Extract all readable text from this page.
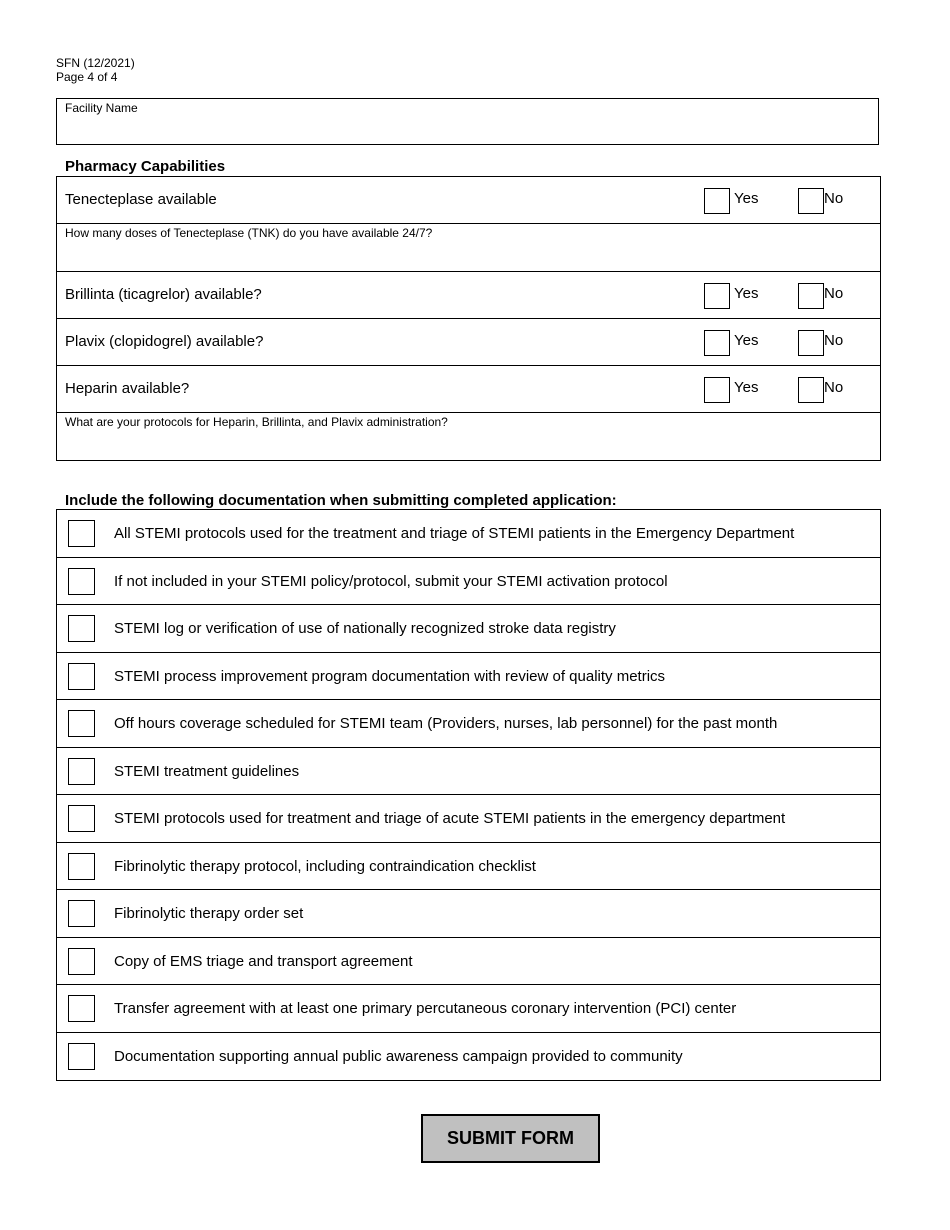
SFN (12/2021)
Page 4 of 4
Facility Name
Pharmacy Capabilities
Tenecteplase available	Yes	No
How many doses of Tenecteplase (TNK) do you have available 24/7?
Brillinta (ticagrelor) available?	Yes	No
Plavix (clopidogrel) available?	Yes	No
Heparin available?	Yes	No
What are your protocols for Heparin, Brillinta, and Plavix administration?
Include the following documentation when submitting completed application:
All STEMI protocols used for the treatment and triage of STEMI patients in the Emergency Department
If not included in your STEMI policy/protocol, submit your STEMI activation protocol
STEMI log or verification of use of nationally recognized stroke data registry
STEMI process improvement program documentation with review of quality metrics
Off hours coverage scheduled for STEMI team (Providers, nurses, lab personnel) for the past month
STEMI treatment guidelines
STEMI protocols used for treatment and triage of acute STEMI patients in the emergency department
Fibrinolytic therapy protocol, including contraindication checklist
Fibrinolytic therapy order set
Copy of EMS triage and transport agreement
Transfer agreement with at least one primary percutaneous coronary intervention (PCI) center
Documentation supporting annual public awareness campaign provided to community
SUBMIT FORM
